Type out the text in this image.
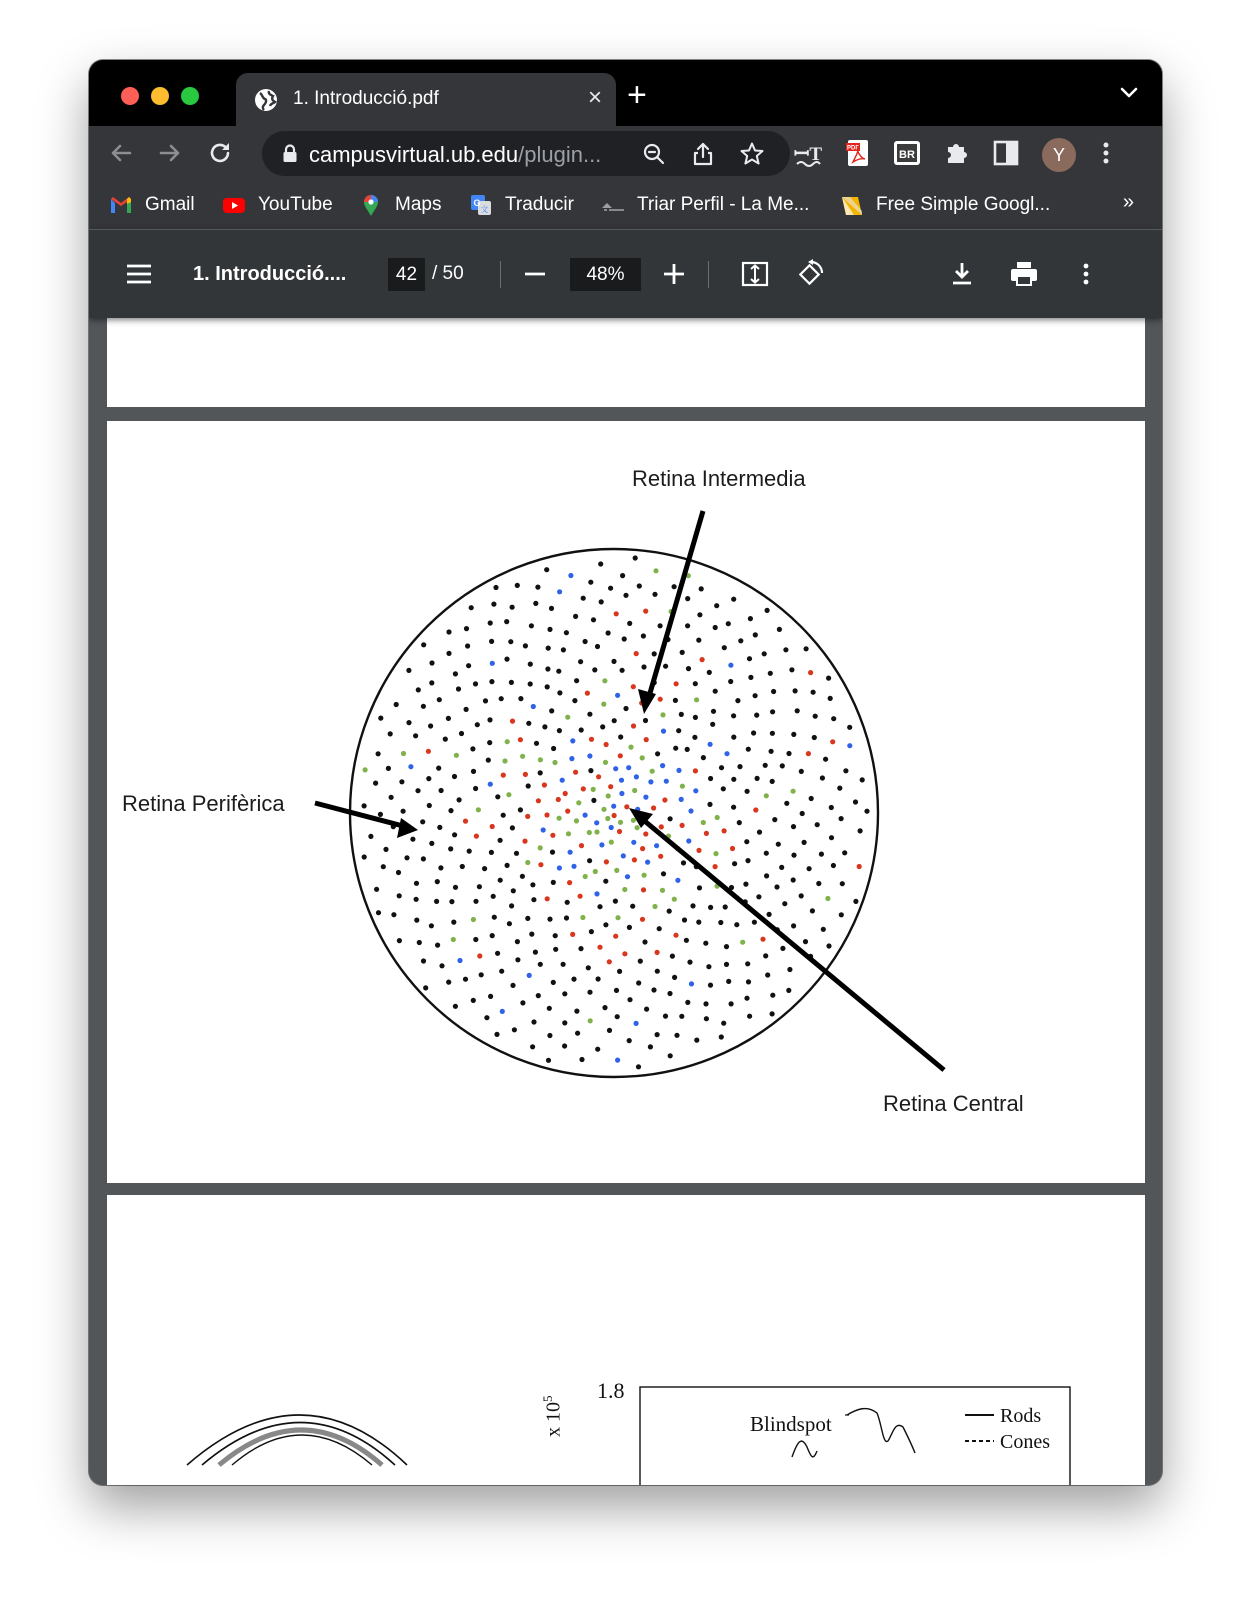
1. Introducció.pdf	× +
campusvirtual.ub.edu/plugin...	ꟷT	PDF
BR	Y
Gmail	YouTube	Maps	G
文 Traducir	Triar Perfil - La Me...	Free Simple Googl...	»
1. Introducció....	42 / 50	48%
Retina Intermedia
Retina Perifèrica
Retina Central
1.8
x $10^5$
Blindspot	Rods
Cones
